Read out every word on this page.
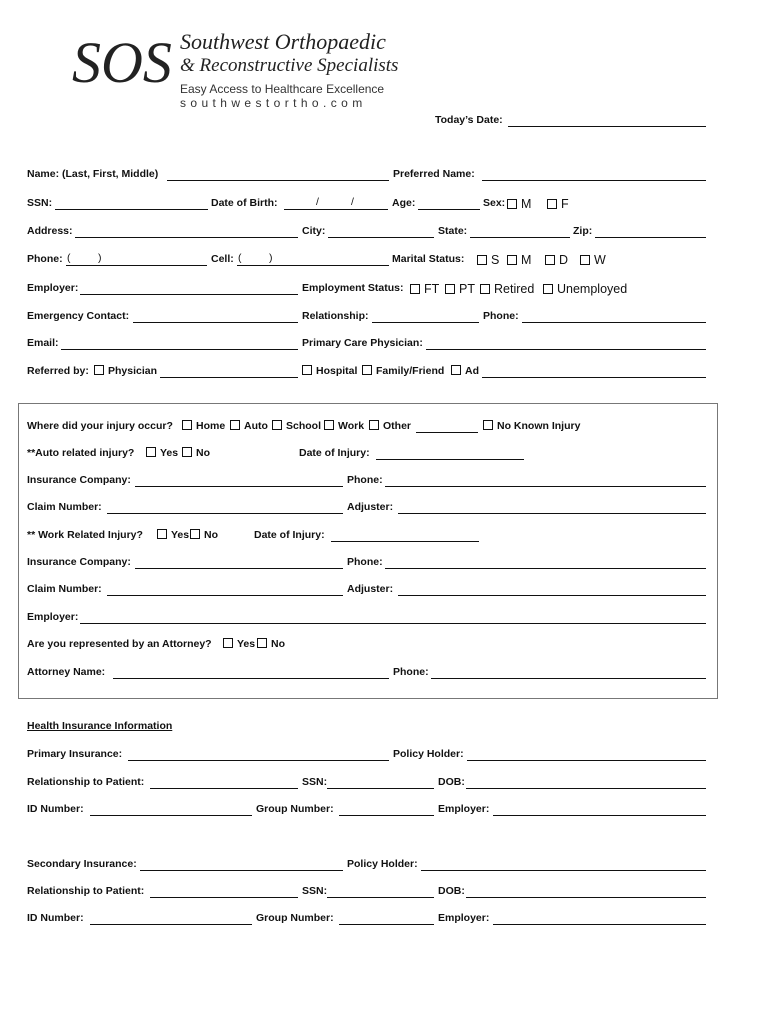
SOS Southwest Orthopaedic
& Reconstructive Specialists
Easy Access to Healthcare Excellence
southwestortho.com
Today’s Date:
Name: (Last, First, Middle)	Preferred Name:
SSN:	Date of Birth:	/	/	Age:	Sex:	M	F
Address:	City:	State:	Zip:
Phone: (	)	Cell: (	)	Marital Status:	S	M	D	W
Employer:	Employment Status:	FT	PT	Retired	Unemployed
Emergency Contact:	Relationship:	Phone:
Email:	Primary Care Physician:
Referred by:	Physician	Hospital	Family/Friend	Ad
Where did your injury occur?	Home	Auto	School	Work	Other	No Known Injury
**Auto related injury?	Yes	No	Date of Injury:
Insurance Company:	Phone:
Claim Number:	Adjuster:
** Work Related Injury?	Yes	No	Date of Injury:
Insurance Company:	Phone:
Claim Number:	Adjuster:
Employer:
Are you represented by an Attorney?	Yes	No
Attorney Name:	Phone:
Health Insurance Information
Primary Insurance:	Policy Holder:
Relationship to Patient:	SSN:	DOB:
ID Number:	Group Number:	Employer:
Secondary Insurance:	Policy Holder:
Relationship to Patient:	SSN:	DOB:
ID Number:	Group Number:	Employer:
